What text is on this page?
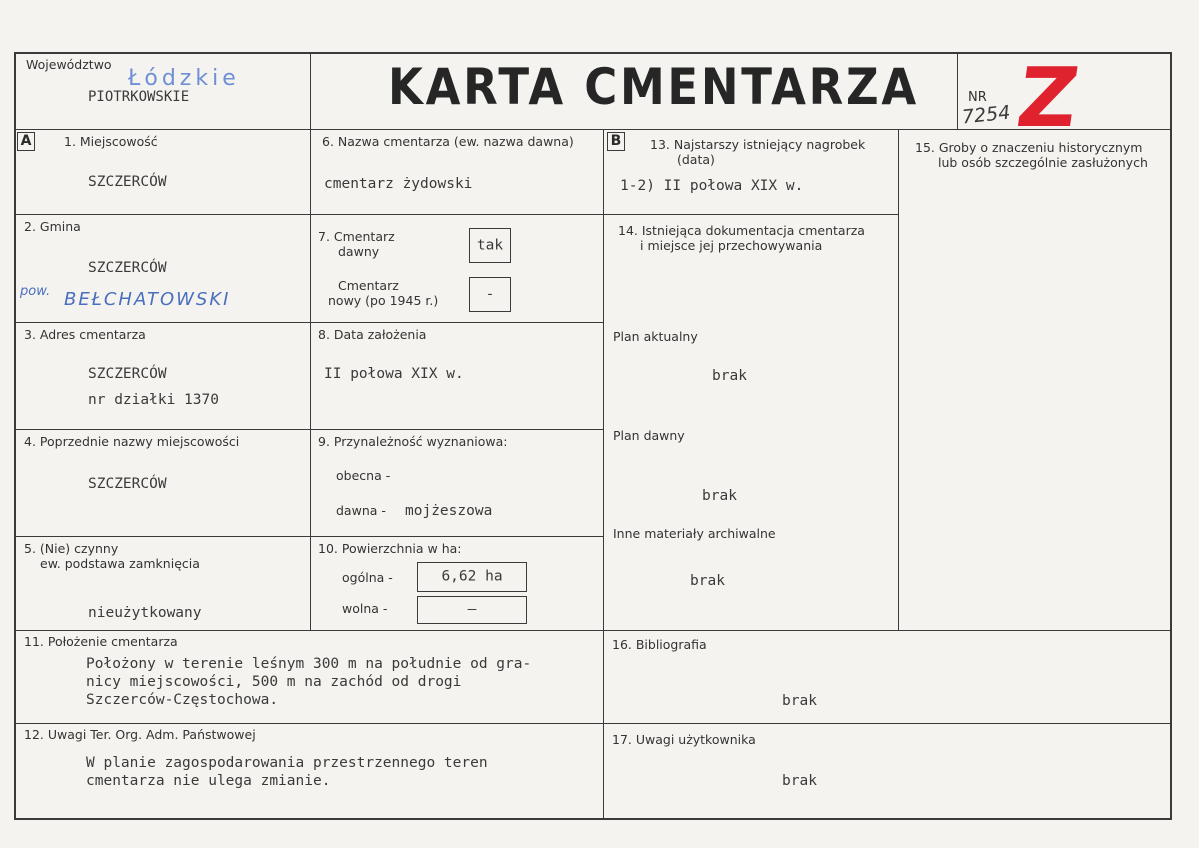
Województwo
Łódzkie
PIOTRKOWSKIE	KARTA CMENTARZA	NR
7254 Z
A	B
1. Miejscowość
SZCZERCÓW
2. Gmina
SZCZERCÓW
pow. BEŁCHATOWSKI
3. Adres cmentarza
SZCZERCÓW
nr działki 1370
4. Poprzednie nazwy miejscowości
SZCZERCÓW
5. (Nie) czynny
ew. podstawa zamknięcia
nieużytkowany
6. Nazwa cmentarza (ew. nazwa dawna)
cmentarz żydowski
7. Cmentarz
dawny	tak
Cmentarz
nowy (po 1945 r.)	-
8. Data założenia
II połowa XIX w.
9. Przynależność wyznaniowa:
obecna -
dawna - mojżeszowa
10. Powierzchnia w ha:
ogólna -	6,62 ha
wolna -	–
11. Położenie cmentarza
Położony w terenie leśnym 300 m na południe od gra-
nicy miejscowości, 500 m na zachód od drogi
Szczerców-Częstochowa.
12. Uwagi Ter. Org. Adm. Państwowej
W planie zagospodarowania przestrzennego teren
cmentarza nie ulega zmianie.
13. Najstarszy istniejący nagrobek
(data)
1-2) II połowa XIX w.
14. Istniejąca dokumentacja cmentarza
i miejsce jej przechowywania
Plan aktualny
brak
Plan dawny
brak
Inne materiały archiwalne
brak
15. Groby o znaczeniu historycznym
lub osób szczególnie zasłużonych
16. Bibliografia
brak
17. Uwagi użytkownika
brak
